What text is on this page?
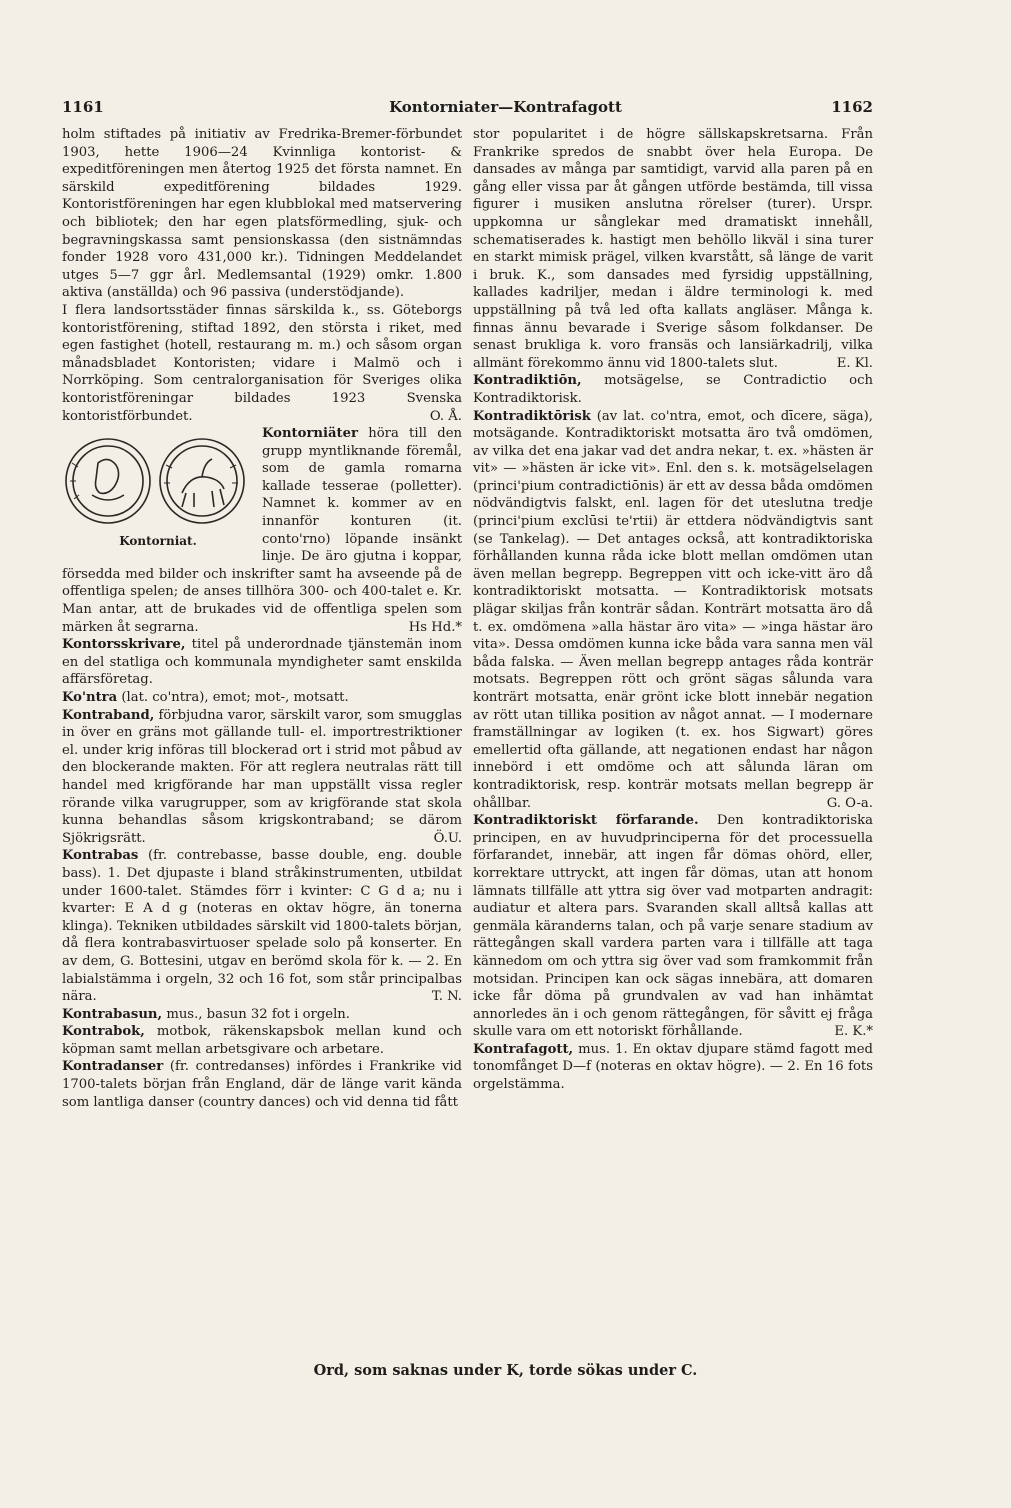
1161	Kontorniater—Kontrafagott	1162

holm stiftades på initiativ av Fredrika-Bremer-förbundet 1903, hette 1906—24 Kvinnliga kontorist- & expeditföreningen men återtog 1925 det första namnet. En särskild expeditförening bildades 1929. Kontoristföreningen har egen klubblokal med matservering och bibliotek; den har egen platsförmedling, sjuk- och begravningskassa samt pensionskassa (den sistnämndas fonder 1928 voro 431,000 kr.). Tidningen Meddelandet utges 5—7 ggr årl. Medlemsantal (1929) omkr. 1.800 aktiva (anställda) och 96 passiva (understödjande).

I flera landsortsstäder finnas särskilda k., ss. Göteborgs kontoristförening, stiftad 1892, den största i riket, med egen fastighet (hotell, restaurang m. m.) och såsom organ månadsbladet Kontoristen; vidare i Malmö och i Norrköping. Som centralorganisation för Sveriges olika kontoristföreningar bildades 1923 Svenska kontoristförbundet.	O. Å.

Kontorniäter
Kontorniat.
höra till den grupp myntliknande föremål, som de gamla romarna kallade tesserae (polletter). Namnet k. kommer av en innanför konturen (it. conto'rno) löpande insänkt linje. De äro gjutna i koppar, försedda med bilder och inskrifter samt ha avseende på de offentliga spelen; de anses tillhöra 300- och 400-talet e. Kr. Man antar, att de brukades vid de offentliga spelen som märken åt segrarna.	Hs Hd.*

Kontorsskrivare, titel på underordnade tjänstemän inom en del statliga och kommunala myndigheter samt enskilda affärsföretag.

Ko'ntra (lat. co'ntra), emot; mot-, motsatt.

Kontraband, förbjudna varor, särskilt varor, som smugglas in över en gräns mot gällande tull- el. importrestriktioner el. under krig införas till blockerad ort i strid mot påbud av den blockerande makten. För att reglera neutralas rätt till handel med krigförande har man uppställt vissa regler rörande vilka varugrupper, som av krigförande stat skola kunna behandlas såsom krigskontraband; se därom Sjökrigsrätt.	Ö.U.

Kontrabas (fr. contrebasse, basse double, eng. double bass). 1. Det djupaste i bland stråkinstrumenten, utbildat under 1600-talet. Stämdes förr i kvinter: C G d a; nu i kvarter: E A d g (noteras en oktav högre, än tonerna klinga). Tekniken utbildades särskilt vid 1800-talets början, då flera kontrabasvirtuoser spelade solo på konserter. En av dem, G. Bottesini, utgav en berömd skola för k. — 2. En labialstämma i orgeln, 32 och 16 fot, som står principalbas nära.	T. N.

Kontrabasun, mus., basun 32 fot i orgeln.

Kontrabok, motbok, räkenskapsbok mellan kund och köpman samt mellan arbetsgivare och arbetare.

Kontradanser (fr. contredanses) infördes i Frankrike vid 1700-talets början från England, där de länge varit kända som lantliga danser (country dances) och vid denna tid fått

stor popularitet i de högre sällskapskretsarna. Från Frankrike spredos de snabbt över hela Europa. De dansades av många par samtidigt, varvid alla paren på en gång eller vissa par åt gången utförde bestämda, till vissa figurer i musiken anslutna rörelser (turer). Urspr. uppkomna ur sånglekar med dramatiskt innehåll, schematiserades k. hastigt men behöllo likväl i sina turer en starkt mimisk prägel, vilken kvarstått, så länge de varit i bruk. K., som dansades med fyrsidig uppställning, kallades kadriljer, medan i äldre terminologi k. med uppställning på två led ofta kallats angläser. Många k. finnas ännu bevarade i Sverige såsom folkdanser. De senast brukliga k. voro fransäs och lansiärkadrilj, vilka allmänt förekommo ännu vid 1800-talets slut.	E. Kl.

Kontradiktiōn, motsägelse, se Contradictio och Kontradiktorisk.

Kontradiktōrisk (av lat. co'ntra, emot, och dīcere, säga), motsägande. Kontradiktoriskt motsatta äro två omdömen, av vilka det ena jakar vad det andra nekar, t. ex. »hästen är vit» — »hästen är icke vit». Enl. den s. k. motsägelselagen (princi'pium contradictiōnis) är ett av dessa båda omdömen nödvändigtvis falskt, enl. lagen för det uteslutna tredje (princi'pium exclūsi te'rtii) är ettdera nödvändigtvis sant (se Tankelag). — Det antages också, att kontradiktoriska förhållanden kunna råda icke blott mellan omdömen utan även mellan begrepp. Begreppen vitt och icke-vitt äro då kontradiktoriskt motsatta. — Kontradiktorisk motsats plägar skiljas från konträr sådan. Konträrt motsatta äro då t. ex. omdömena »alla hästar äro vita» — »inga hästar äro vita». Dessa omdömen kunna icke båda vara sanna men väl båda falska. — Även mellan begrepp antages råda konträr motsats. Begreppen rött och grönt sägas sålunda vara konträrt motsatta, enär grönt icke blott innebär negation av rött utan tillika position av något annat. — I modernare framställningar av logiken (t. ex. hos Sigwart) göres emellertid ofta gällande, att negationen endast har någon innebörd i ett omdöme och att sålunda läran om kontradiktorisk, resp. konträr motsats mellan begrepp är ohållbar.	G. O-a.

Kontradiktoriskt förfarande. Den kontradiktoriska principen, en av huvudprinciperna för det processuella förfarandet, innebär, att ingen får dömas ohörd, eller, korrektare uttryckt, att ingen får dömas, utan att honom lämnats tillfälle att yttra sig över vad motparten andragit: audiatur et altera pars. Svaranden skall alltså kallas att genmäla käranderns talan, och på varje senare stadium av rättegången skall vardera parten vara i tillfälle att taga kännedom om och yttra sig över vad som framkommit från motsidan. Principen kan ock sägas innebära, att domaren icke får döma på grundvalen av vad han inhämtat annorledes än i och genom rättegången, för såvitt ej fråga skulle vara om ett notoriskt förhållande.	E. K.*

Kontrafagott, mus. 1. En oktav djupare stämd fagott med tonomfånget D—f (noteras en oktav högre). — 2. En 16 fots orgelstämma.

Ord, som saknas under K, torde sökas under C.
